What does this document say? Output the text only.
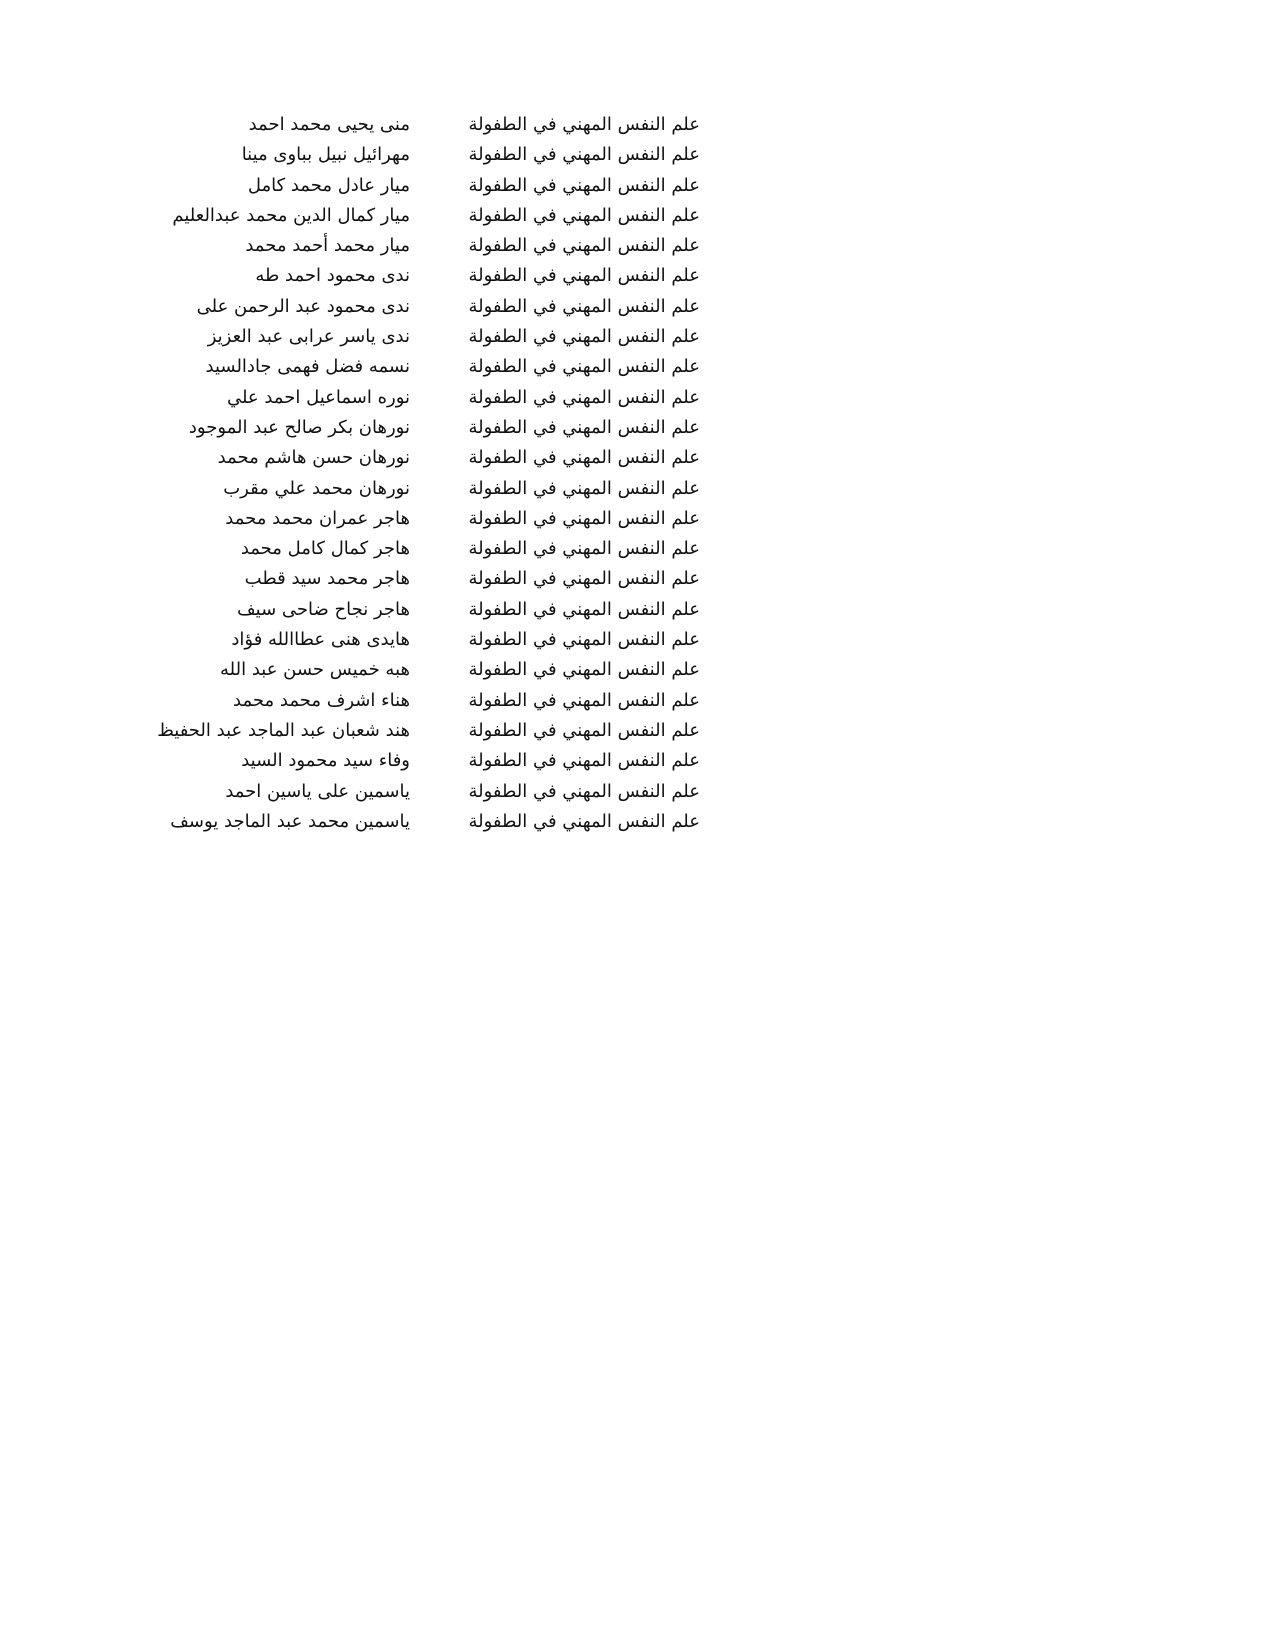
علم النفس المهني في الطفولة
منى يحيى محمد احمد
علم النفس المهني في الطفولة
مهرائيل نبيل بباوى مينا
علم النفس المهني في الطفولة
ميار عادل محمد كامل
علم النفس المهني في الطفولة
ميار كمال الدين محمد عبدالعليم
علم النفس المهني في الطفولة
ميار محمد أحمد محمد
علم النفس المهني في الطفولة
ندى محمود احمد طه
علم النفس المهني في الطفولة
ندى محمود عبد الرحمن على
علم النفس المهني في الطفولة
ندى ياسر عرابى عبد العزيز
علم النفس المهني في الطفولة
نسمه فضل فهمى جادالسيد
علم النفس المهني في الطفولة
نوره اسماعيل احمد علي
علم النفس المهني في الطفولة
نورهان بكر صالح عبد الموجود
علم النفس المهني في الطفولة
نورهان حسن هاشم محمد
علم النفس المهني في الطفولة
نورهان محمد علي مقرب
علم النفس المهني في الطفولة
هاجر عمران محمد محمد
علم النفس المهني في الطفولة
هاجر كمال كامل محمد
علم النفس المهني في الطفولة
هاجر محمد سيد قطب
علم النفس المهني في الطفولة
هاجر نجاح ضاحى سيف
علم النفس المهني في الطفولة
هايدى هنى عطاالله فؤاد
علم النفس المهني في الطفولة
هبه خميس حسن عبد الله
علم النفس المهني في الطفولة
هناء اشرف محمد محمد
علم النفس المهني في الطفولة
هند شعبان عبد الماجد عبد الحفيظ
علم النفس المهني في الطفولة
وفاء سيد محمود السيد
علم النفس المهني في الطفولة
ياسمين على ياسين احمد
علم النفس المهني في الطفولة
ياسمين محمد عبد الماجد يوسف
